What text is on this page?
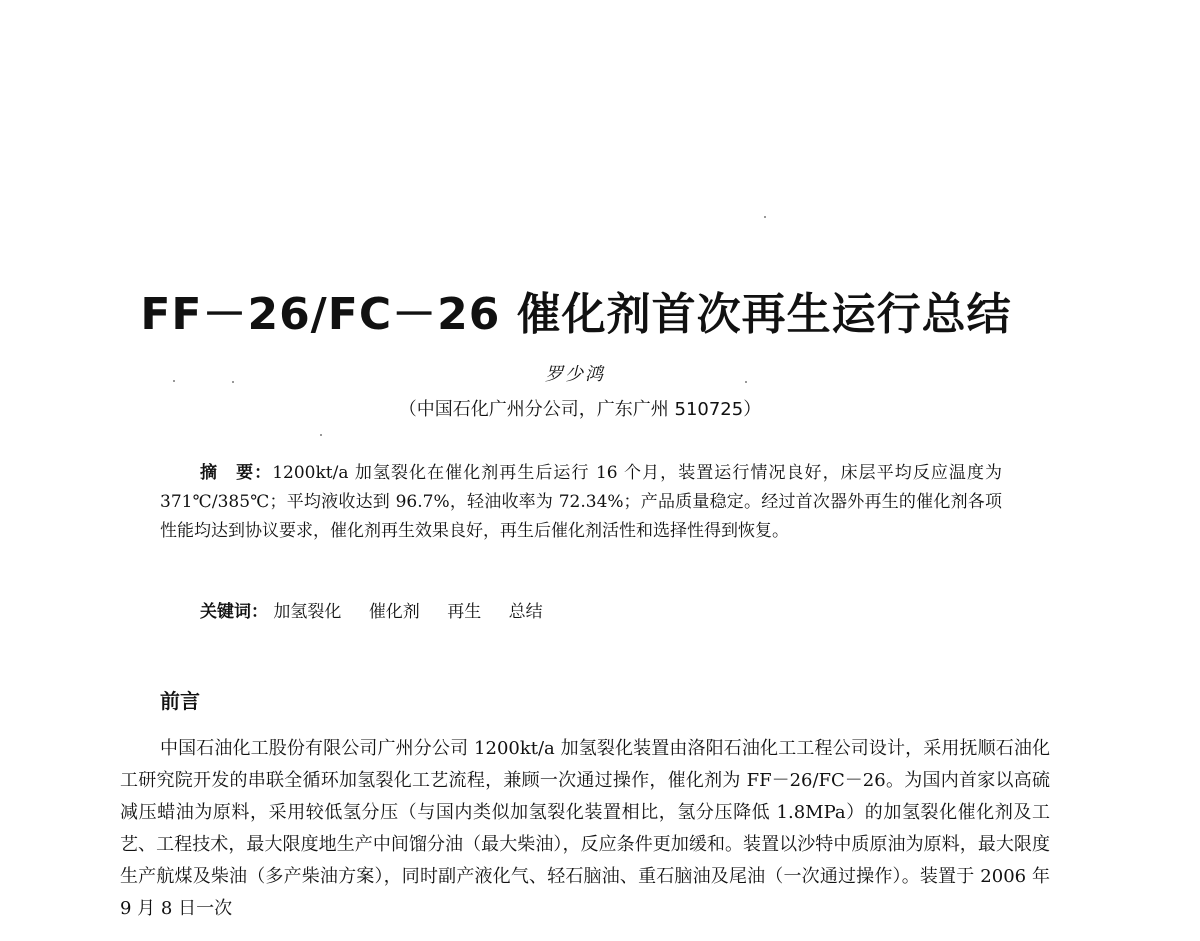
FF－26/FC－26 催化剂首次再生运行总结
罗少鸿
（中国石化广州分公司，广东广州 510725）

摘　要：1200kt/a 加氢裂化在催化剂再生后运行 16 个月，装置运行情况良好，床层平均反应温度为 371℃/385℃；平均液收达到 96.7%，轻油收率为 72.34%；产品质量稳定。经过首次器外再生的催化剂各项性能均达到协议要求，催化剂再生效果良好，再生后催化剂活性和选择性得到恢复。

关键词： 加氢裂化 催化剂 再生 总结
前言

中国石油化工股份有限公司广州分公司 1200kt/a 加氢裂化装置由洛阳石油化工工程公司设计，采用抚顺石油化工研究院开发的串联全循环加氢裂化工艺流程，兼顾一次通过操作，催化剂为 FF－26/FC－26。为国内首家以高硫减压蜡油为原料，采用较低氢分压（与国内类似加氢裂化装置相比，氢分压降低 1.8MPa）的加氢裂化催化剂及工艺、工程技术，最大限度地生产中间馏分油（最大柴油），反应条件更加缓和。装置以沙特中质原油为原料，最大限度生产航煤及柴油（多产柴油方案），同时副产液化气、轻石脑油、重石脑油及尾油（一次通过操作）。装置于 2006 年 9 月 8 日一次
